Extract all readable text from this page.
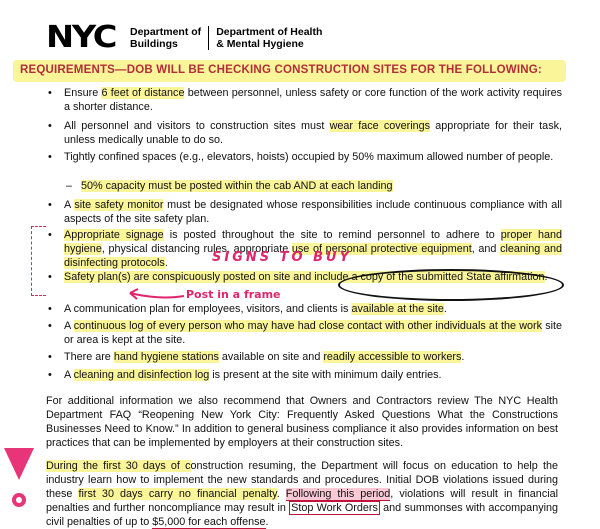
NYC	Department of
Buildings
Department of Health
& Mental Hygiene
REQUIREMENTS—DOB WILL BE CHECKING CONSTRUCTION SITES FOR THE FOLLOWING:
• Ensure 6 feet of distance between personnel, unless safety or core function of the work activity requires a shorter distance.
• All personnel and visitors to construction sites must wear face coverings appropriate for their task, unless medically unable to do so.
• Tightly confined spaces (e.g., elevators, hoists) occupied by 50% maximum allowed number of people.
– 50% capacity must be posted within the cab AND at each landing
• A site safety monitor must be designated whose responsibilities include continuous compliance with all aspects of the site safety plan.
• Appropriate signage is posted throughout the site to remind personnel to adhere to proper hand hygiene, physical distancing rules, appropriate use of personal protective equipment, and cleaning and disinfecting protocols.
• Safety plan(s) are conspicuously posted on site and include a copy of the submitted State affirmation.
• A communication plan for employees, visitors, and clients is available at the site.
• A continuous log of every person who may have had close contact with other individuals at the work site or area is kept at the site.
• There are hand hygiene stations available on site and readily accessible to workers.
• A cleaning and disinfection log is present at the site with minimum daily entries.
For additional information we also recommend that Owners and Contractors review The NYC Health Department FAQ “Reopening New York City: Frequently Asked Questions What the Constructions Businesses Need to Know.” In addition to general business compliance it also provides information on best practices that can be implemented by employers at their construction sites.
During the first 30 days of construction resuming, the Department will focus on education to help the industry learn how to implement the new standards and procedures. Initial DOB violations issued during these first 30 days carry no financial penalty. Following this period, violations will result in financial penalties and further noncompliance may result in Stop Work Orders and summonses with accompanying civil penalties of up to $5,000 for each offense.
SIGNS TO BUY
Post in a frame
